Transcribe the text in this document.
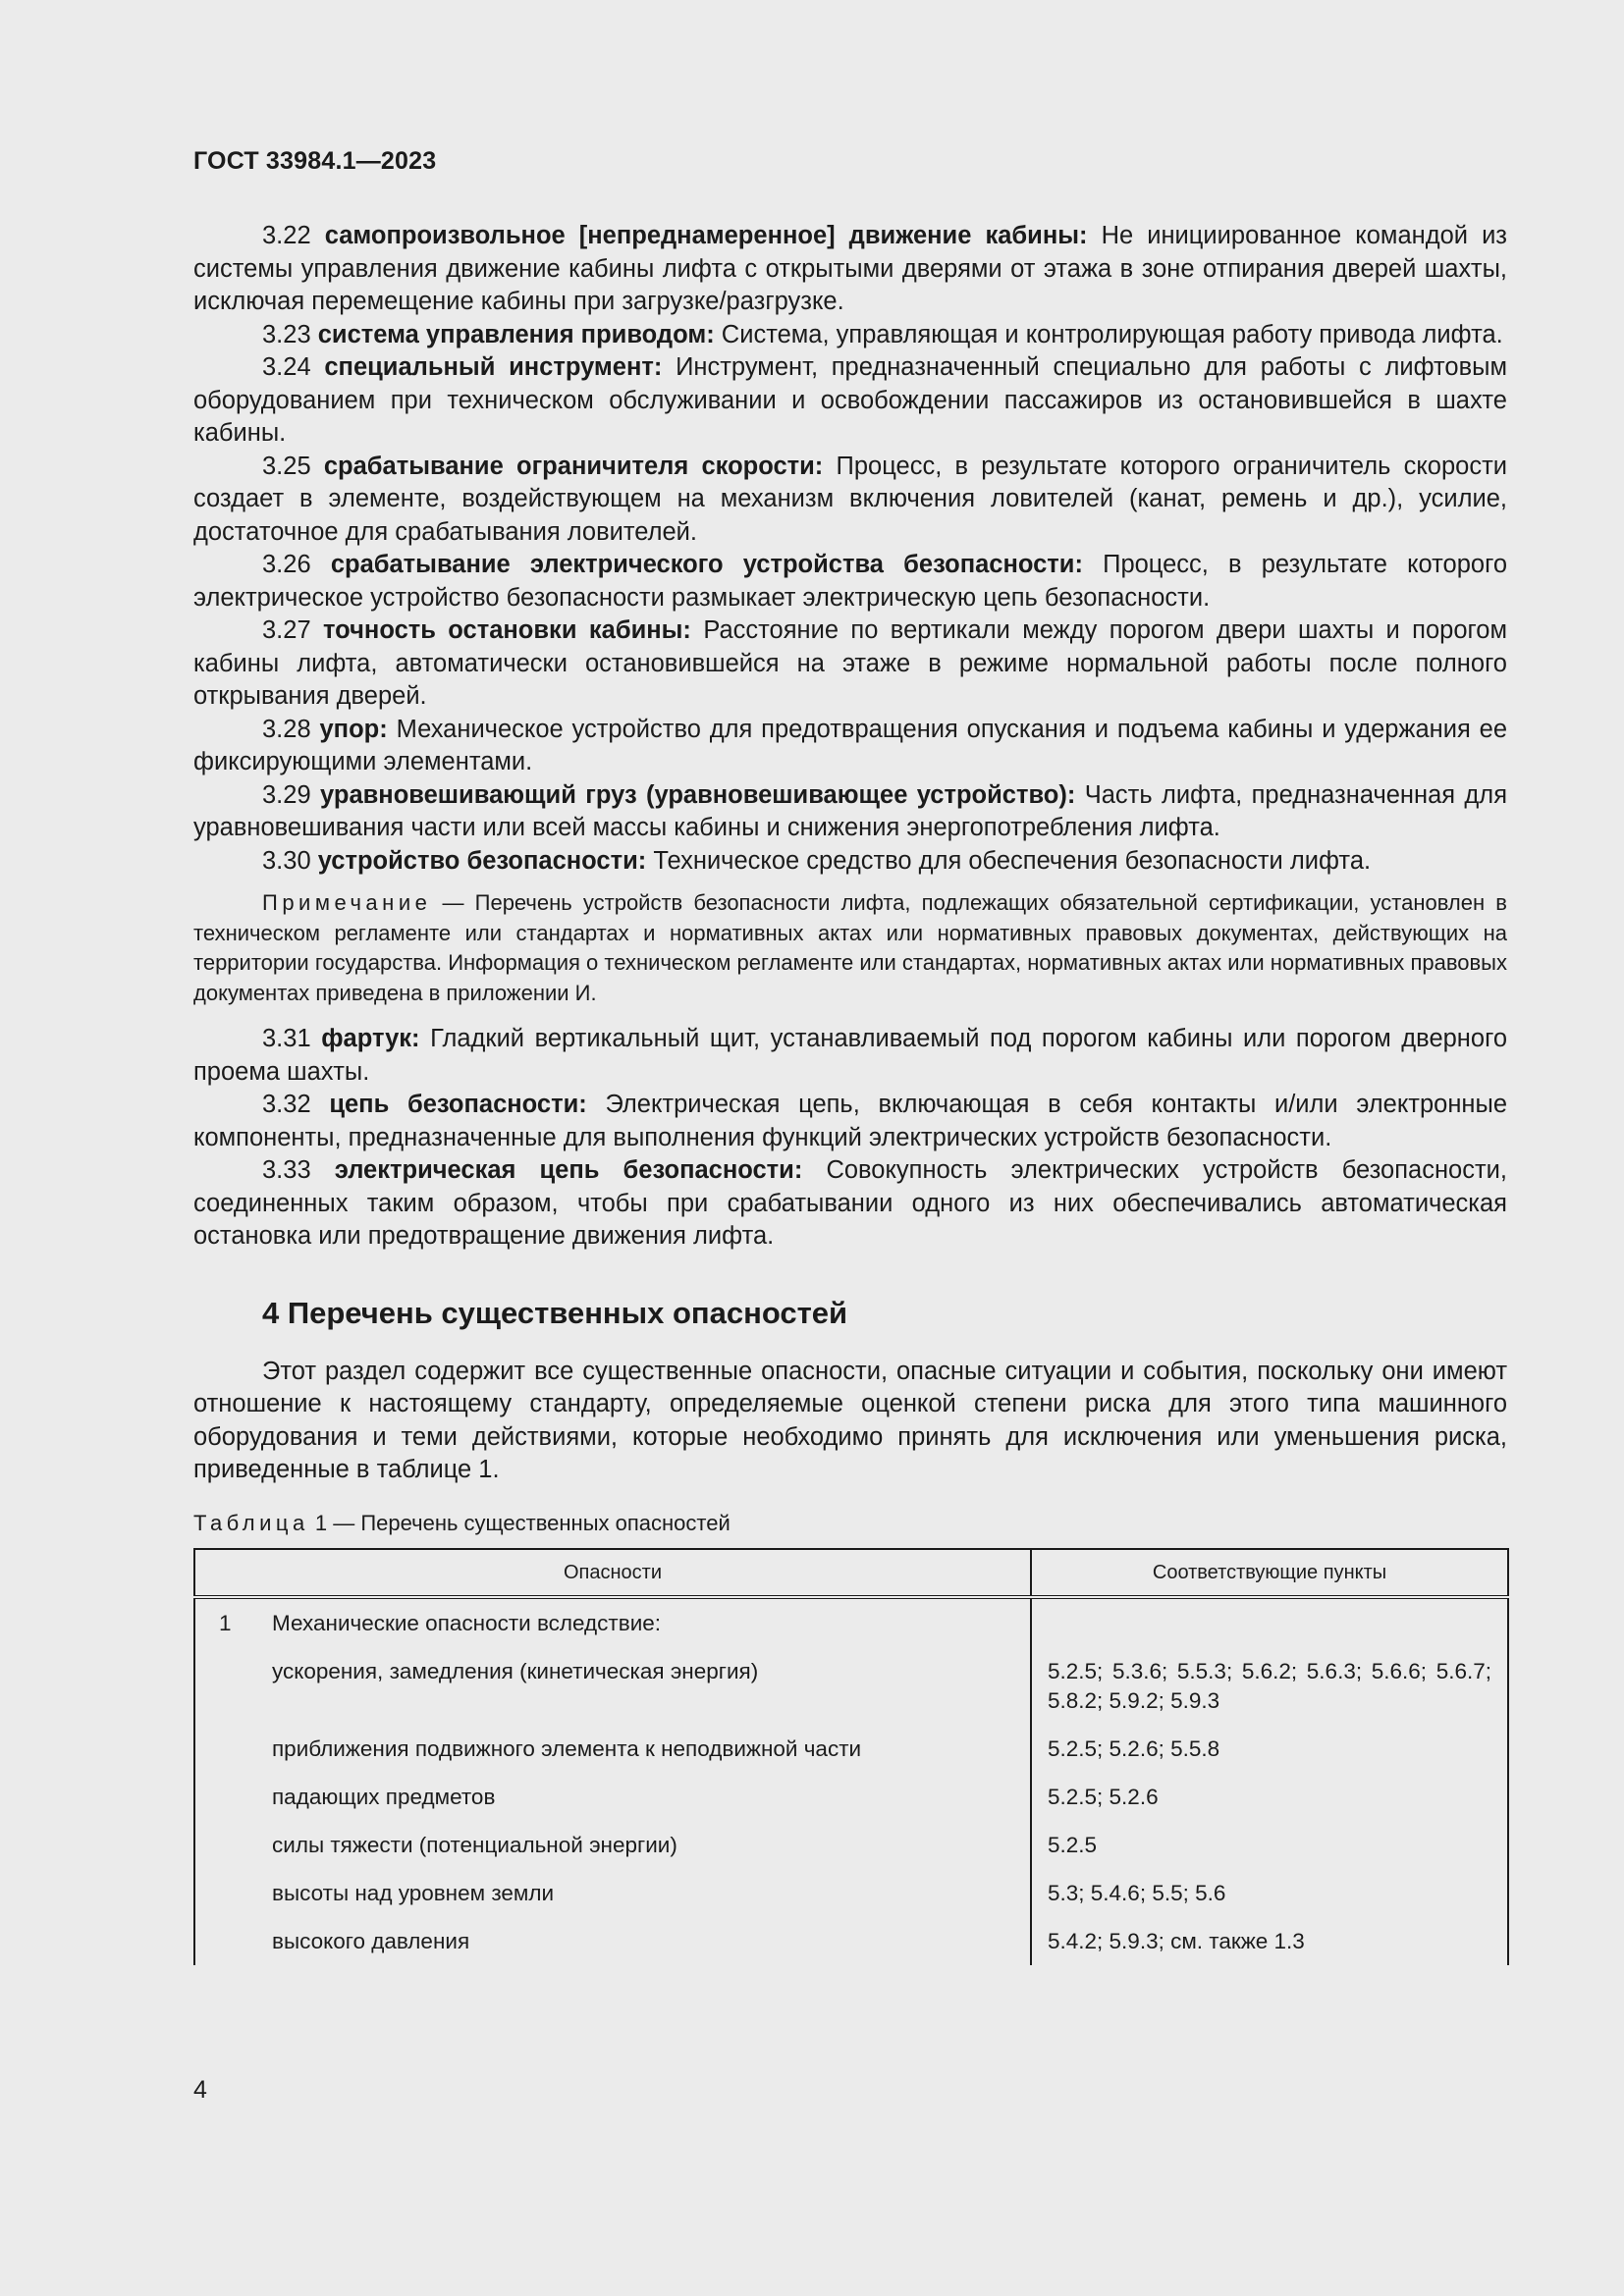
ГОСТ 33984.1—2023

3.22 самопроизвольное [непреднамеренное] движение кабины: Не инициированное командой из системы управления движение кабины лифта с открытыми дверями от этажа в зоне отпирания дверей шахты, исключая перемещение кабины при загрузке/разгрузке.

3.23 система управления приводом: Система, управляющая и контролирующая работу привода лифта.

3.24 специальный инструмент: Инструмент, предназначенный специально для работы с лифтовым оборудованием при техническом обслуживании и освобождении пассажиров из остановившейся в шахте кабины.

3.25 срабатывание ограничителя скорости: Процесс, в результате которого ограничитель скорости создает в элементе, воздействующем на механизм включения ловителей (канат, ремень и др.), усилие, достаточное для срабатывания ловителей.

3.26 срабатывание электрического устройства безопасности: Процесс, в результате которого электрическое устройство безопасности размыкает электрическую цепь безопасности.

3.27 точность остановки кабины: Расстояние по вертикали между порогом двери шахты и порогом кабины лифта, автоматически остановившейся на этаже в режиме нормальной работы после полного открывания дверей.

3.28 упор: Механическое устройство для предотвращения опускания и подъема кабины и удержания ее фиксирующими элементами.

3.29 уравновешивающий груз (уравновешивающее устройство): Часть лифта, предназначенная для уравновешивания части или всей массы кабины и снижения энергопотребления лифта.

3.30 устройство безопасности: Техническое средство для обеспечения безопасности лифта.

Примечание — Перечень устройств безопасности лифта, подлежащих обязательной сертификации, установлен в техническом регламенте или стандартах и нормативных актах или нормативных правовых документах, действующих на территории государства. Информация о техническом регламенте или стандартах, нормативных актах или нормативных правовых документах приведена в приложении И.

3.31 фартук: Гладкий вертикальный щит, устанавливаемый под порогом кабины или порогом дверного проема шахты.

3.32 цепь безопасности: Электрическая цепь, включающая в себя контакты и/или электронные компоненты, предназначенные для выполнения функций электрических устройств безопасности.

3.33 электрическая цепь безопасности: Совокупность электрических устройств безопасности, соединенных таким образом, чтобы при срабатывании одного из них обеспечивались автоматическая остановка или предотвращение движения лифта.

4 Перечень существенных опасностей

Этот раздел содержит все существенные опасности, опасные ситуации и события, поскольку они имеют отношение к настоящему стандарту, определяемые оценкой степени риска для этого типа машинного оборудования и теми действиями, которые необходимо принять для исключения или уменьшения риска, приведенные в таблице 1.

Таблица 1 — Перечень существенных опасностей
Опасности		Соответствующие пункты
1	Механические опасности вследствие:	
	ускорения, замедления (кинетическая энергия)	5.2.5; 5.3.6; 5.5.3; 5.6.2; 5.6.3; 5.6.6; 5.6.7; 5.8.2; 5.9.2; 5.9.3
	приближения подвижного элемента к неподвижной части	5.2.5; 5.2.6; 5.5.8
	падающих предметов	5.2.5; 5.2.6
	силы тяжести (потенциальной энергии)	5.2.5
	высоты над уровнем земли	5.3; 5.4.6; 5.5; 5.6
	высокого давления	5.4.2; 5.9.3; см. также 1.3
4
